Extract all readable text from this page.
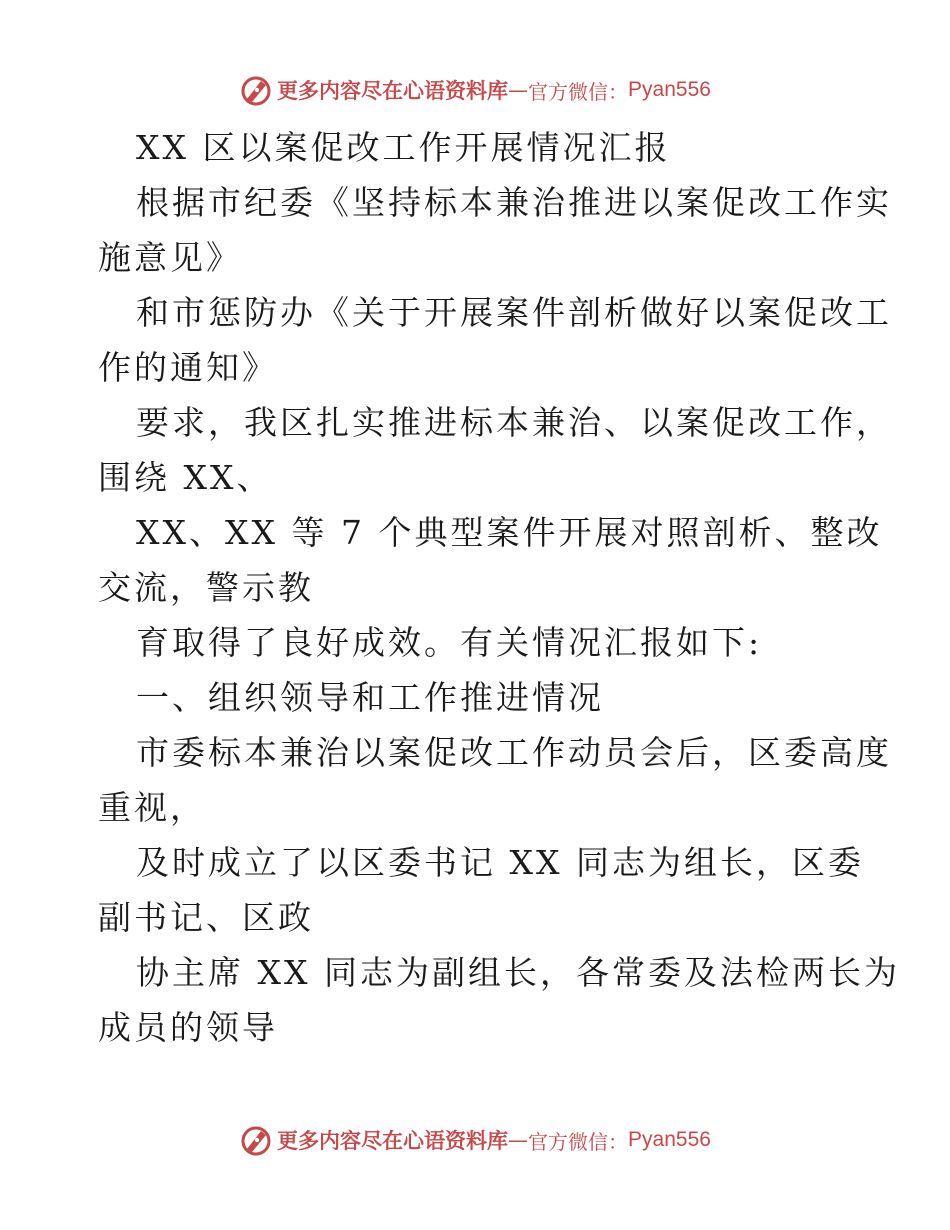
更多内容尽在心语资料库 — 官方微信： Pyan556
XX 区以案促改工作开展情况汇报
根据市纪委《坚持标本兼治推进以案促改工作实
施意见》
和市惩防办《关于开展案件剖析做好以案促改工
作的通知》
要求，我区扎实推进标本兼治、以案促改工作，
围绕 XX、
XX、XX 等 7 个典型案件开展对照剖析、整改
交流，警示教
育取得了良好成效。有关情况汇报如下:
一、组织领导和工作推进情况
市委标本兼治以案促改工作动员会后，区委高度
重视，
及时成立了以区委书记 XX 同志为组长，区委
副书记、区政
协主席 XX 同志为副组长，各常委及法检两长为
成员的领导
更多内容尽在心语资料库 — 官方微信： Pyan556
